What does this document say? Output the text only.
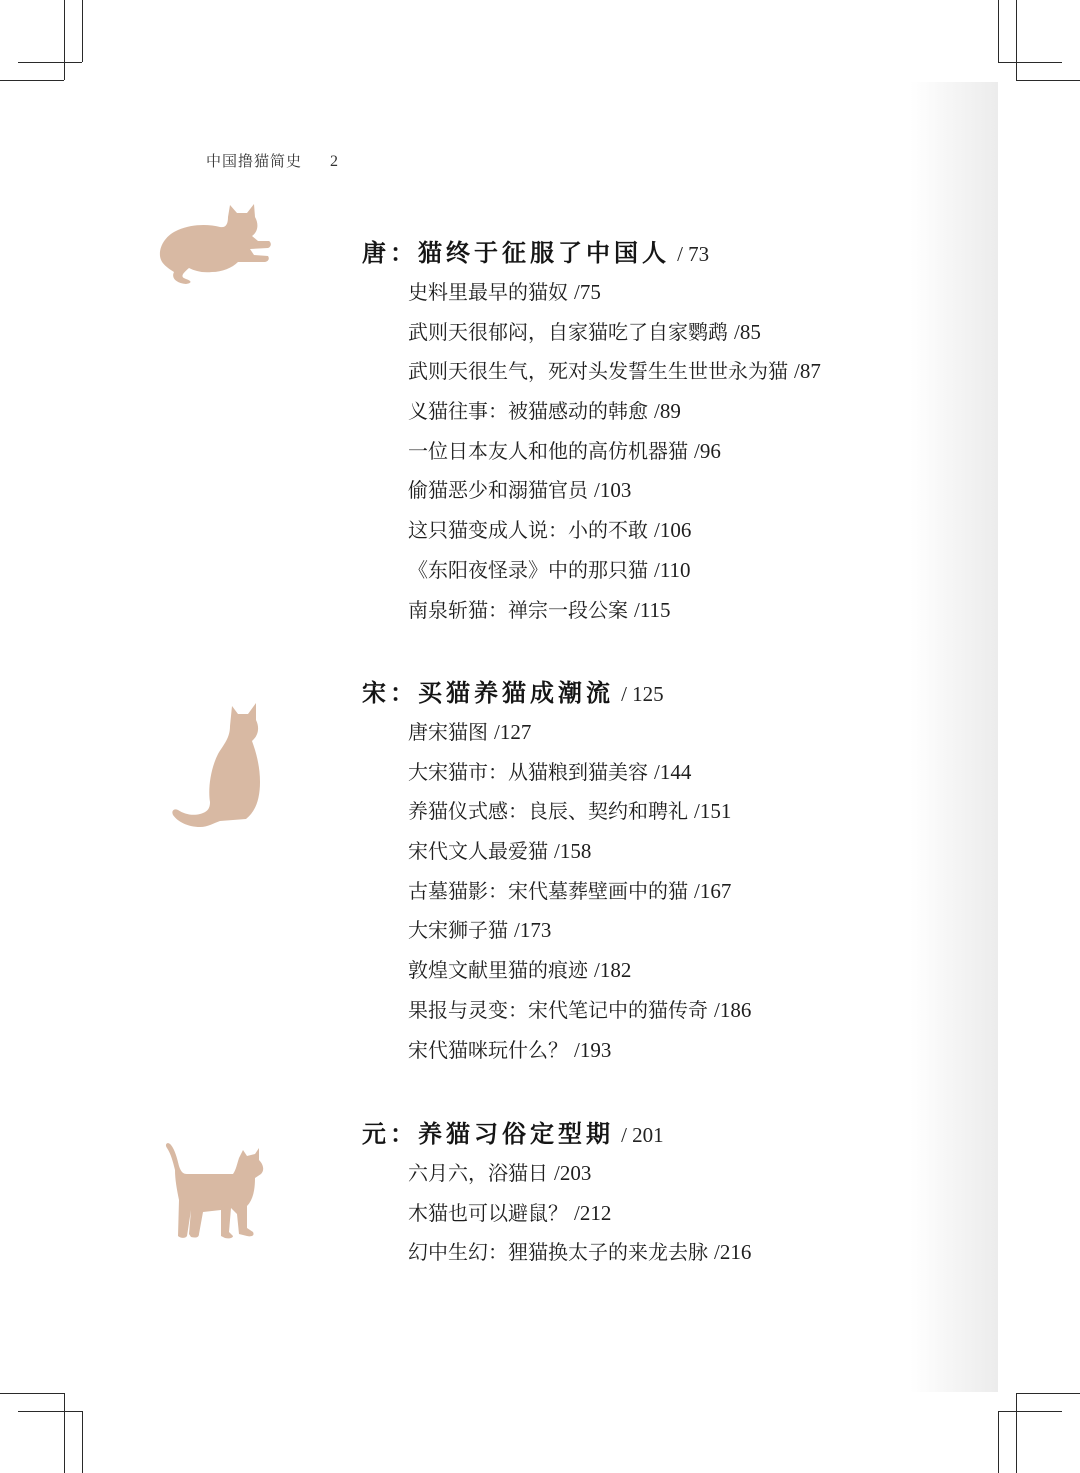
中国撸猫简史 2
唐：猫终于征服了中国人 / 73
史料里最早的猫奴 /75
武则天很郁闷，自家猫吃了自家鹦鹉 /85
武则天很生气，死对头发誓生生世世永为猫 /87
义猫往事：被猫感动的韩愈 /89
一位日本友人和他的高仿机器猫 /96
偷猫恶少和溺猫官员 /103
这只猫变成人说：小的不敢 /106
《东阳夜怪录》中的那只猫 /110
南泉斩猫：禅宗一段公案 /115
宋：买猫养猫成潮流 / 125
唐宋猫图 /127
大宋猫市：从猫粮到猫美容 /144
养猫仪式感：良辰、契约和聘礼 /151
宋代文人最爱猫 /158
古墓猫影：宋代墓葬壁画中的猫 /167
大宋狮子猫 /173
敦煌文献里猫的痕迹 /182
果报与灵变：宋代笔记中的猫传奇 /186
宋代猫咪玩什么？ /193
元：养猫习俗定型期 / 201
六月六，浴猫日 /203
木猫也可以避鼠？ /212
幻中生幻：狸猫换太子的来龙去脉 /216
